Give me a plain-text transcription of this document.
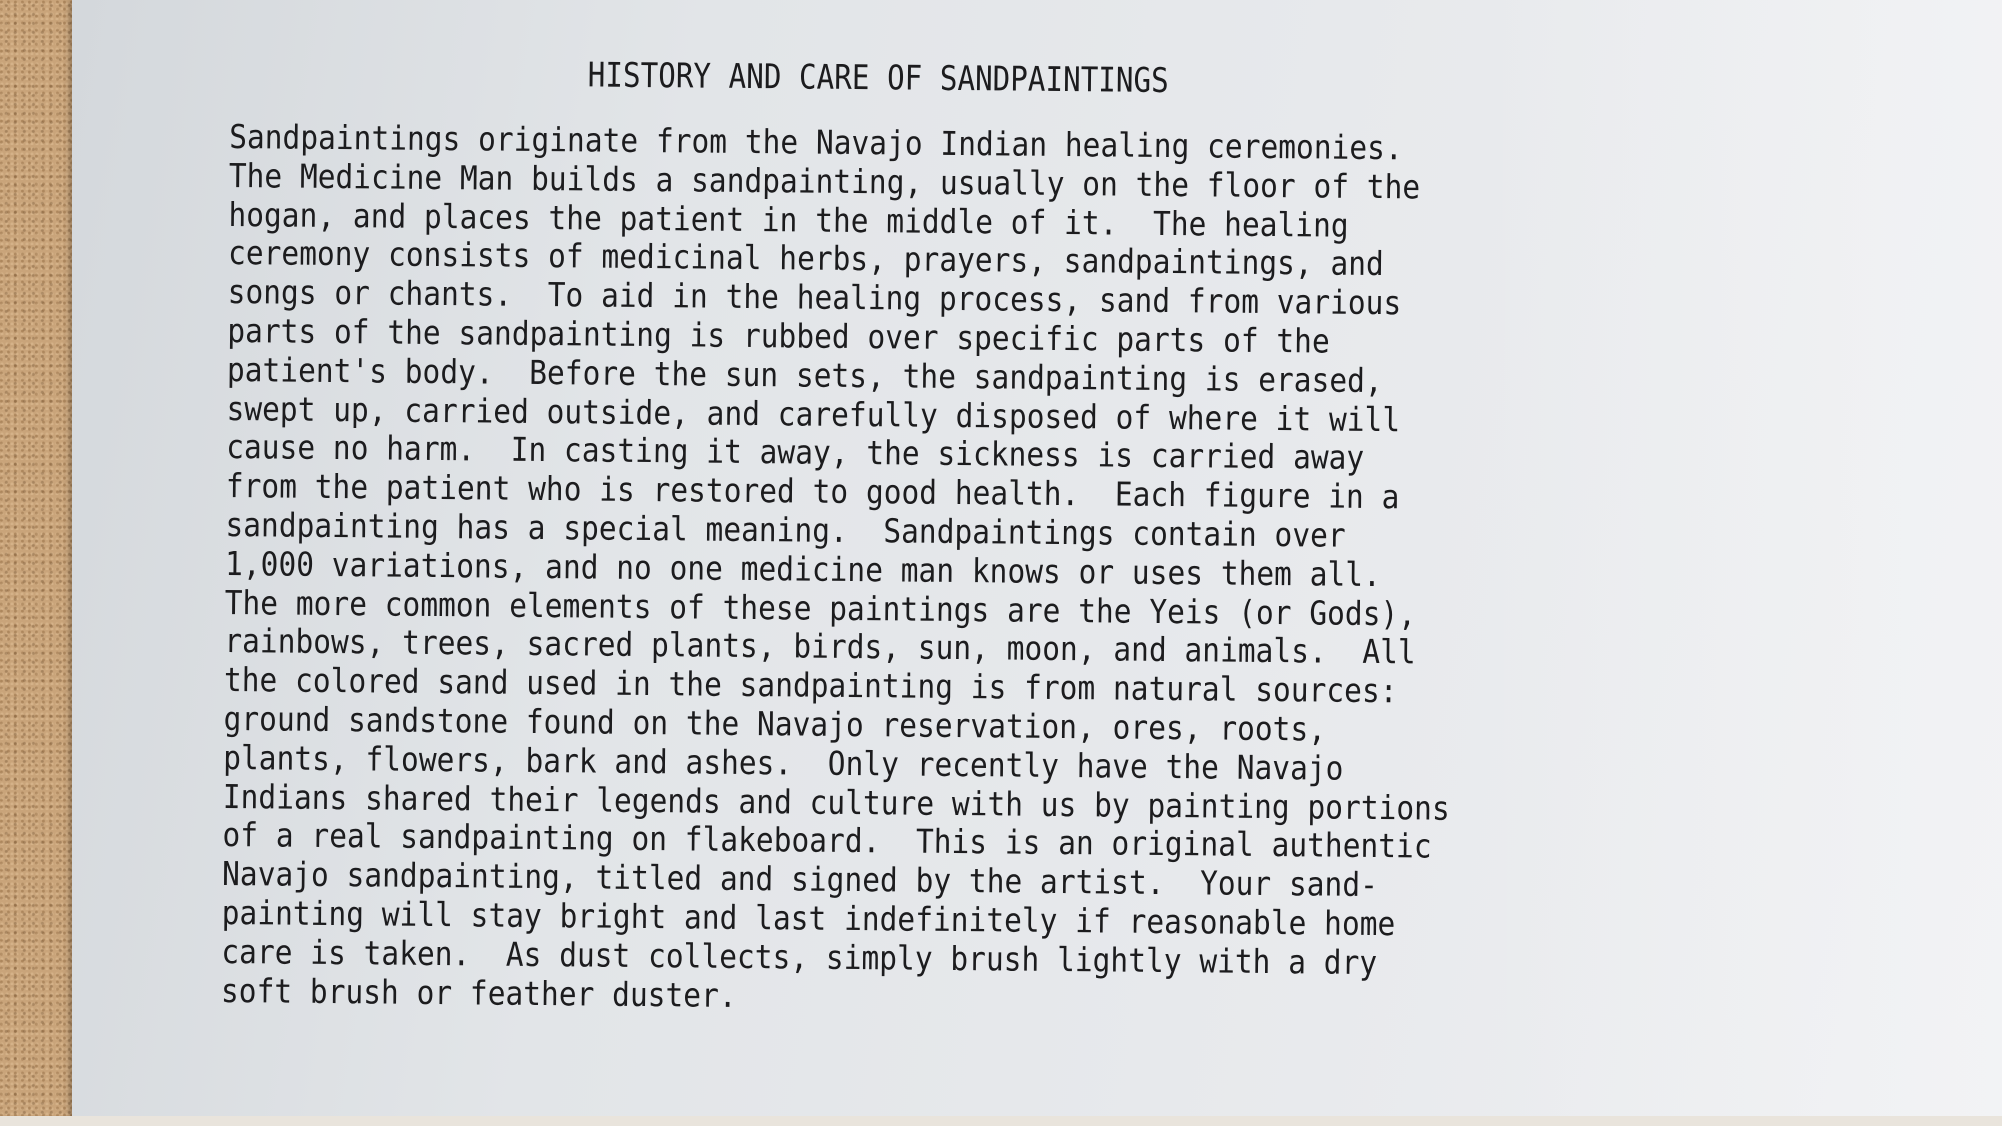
HISTORY AND CARE OF SANDPAINTINGS
Sandpaintings originate from the Navajo Indian healing ceremonies.
The Medicine Man builds a sandpainting, usually on the floor of the
hogan, and places the patient in the middle of it.  The healing
ceremony consists of medicinal herbs, prayers, sandpaintings, and
songs or chants.  To aid in the healing process, sand from various
parts of the sandpainting is rubbed over specific parts of the
patient's body.  Before the sun sets, the sandpainting is erased,
swept up, carried outside, and carefully disposed of where it will
cause no harm.  In casting it away, the sickness is carried away
from the patient who is restored to good health.  Each figure in a
sandpainting has a special meaning.  Sandpaintings contain over
1,000 variations, and no one medicine man knows or uses them all.
The more common elements of these paintings are the Yeis (or Gods),
rainbows, trees, sacred plants, birds, sun, moon, and animals.  All
the colored sand used in the sandpainting is from natural sources:
ground sandstone found on the Navajo reservation, ores, roots,
plants, flowers, bark and ashes.  Only recently have the Navajo
Indians shared their legends and culture with us by painting portions
of a real sandpainting on flakeboard.  This is an original authentic
Navajo sandpainting, titled and signed by the artist.  Your sand-
painting will stay bright and last indefinitely if reasonable home
care is taken.  As dust collects, simply brush lightly with a dry
soft brush or feather duster.
